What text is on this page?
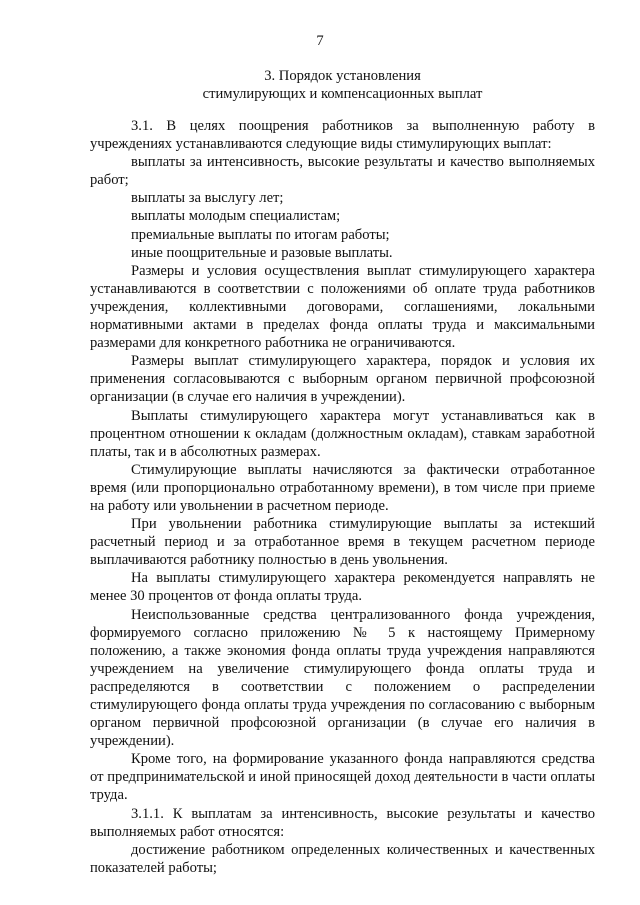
7
3. Порядок установления
стимулирующих и компенсационных выплат

3.1. В целях поощрения работников за выполненную работу в учреждениях устанавливаются следующие виды стимулирующих выплат:

выплаты за интенсивность, высокие результаты и качество выполняемых работ;

выплаты за выслугу лет;

выплаты молодым специалистам;

премиальные выплаты по итогам работы;

иные поощрительные и разовые выплаты.

Размеры и условия осуществления выплат стимулирующего характера устанавливаются в соответствии с положениями об оплате труда работников учреждения, коллективными договорами, соглашениями, локальными нормативными актами в пределах фонда оплаты труда и максимальными размерами для конкретного работника не ограничиваются.

Размеры выплат стимулирующего характера, порядок и условия их применения согласовываются с выборным органом первичной профсоюзной организации (в случае его наличия в учреждении).

Выплаты стимулирующего характера могут устанавливаться как в процентном отношении к окладам (должностным окладам), ставкам заработной платы, так и в абсолютных размерах.

Стимулирующие выплаты начисляются за фактически отработанное время (или пропорционально отработанному времени), в том числе при приеме на работу или увольнении в расчетном периоде.

При увольнении работника стимулирующие выплаты за истекший расчетный период и за отработанное время в текущем расчетном периоде выплачиваются работнику полностью в день увольнения.

На выплаты стимулирующего характера рекомендуется направлять не менее 30 процентов от фонда оплаты труда.

Неиспользованные средства централизованного фонда учреждения, формируемого согласно приложению № 5 к настоящему Примерному положению, а также экономия фонда оплаты труда учреждения направляются учреждением на увеличение стимулирующего фонда оплаты труда и распределяются в соответствии с положением о распределении стимулирующего фонда оплаты труда учреждения по согласованию с выборным органом первичной профсоюзной организации (в случае его наличия в учреждении).

Кроме того, на формирование указанного фонда направляются средства от предпринимательской и иной приносящей доход деятельности в части оплаты труда.

3.1.1. К выплатам за интенсивность, высокие результаты и качество выполняемых работ относятся:

достижение работником определенных количественных и качественных показателей работы;
